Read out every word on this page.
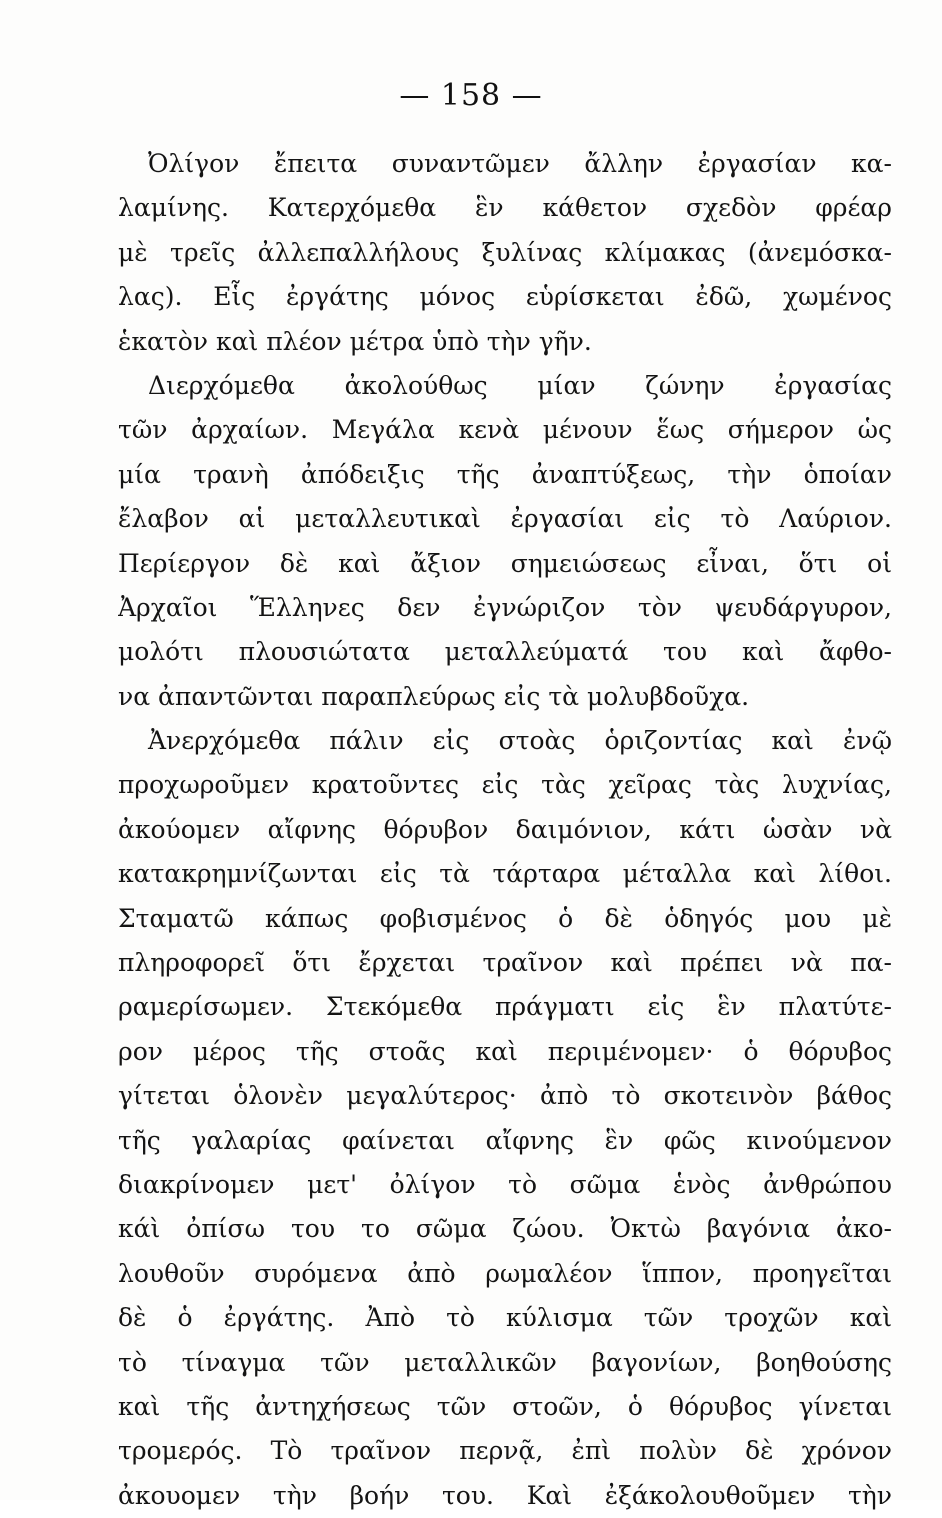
— 158 —
Ὀλίγον ἔπειτα συναντῶμεν ἄλλην ἐργασίαν κα-
λαμίνης. Κατερχόμεθα ἓν κάθετον σχεδὸν φρέαρ
μὲ τρεῖς ἀλλεπαλλήλους ξυλίνας κλίμακας (ἀνεμόσκα-
λας). Εἷς ἐργάτης μόνος εὑρίσκεται ἐδῶ, χωμένος
ἑκατὸν καὶ πλέον μέτρα ὑπὸ τὴν γῆν.
Διερχόμεθα ἀκολούθως μίαν ζώνην ἐργασίας
τῶν ἀρχαίων. Μεγάλα κενὰ μένουν ἕως σήμερον ὡς
μία τρανὴ ἀπόδειξις τῆς ἀναπτύξεως, τὴν ὁποίαν
ἔλαβον αἱ μεταλλευτικαὶ ἐργασίαι εἰς τὸ Λαύριον.
Περίεργον δὲ καὶ ἄξιον σημειώσεως εἶναι, ὅτι οἱ
Ἀρχαῖοι Ἕλληνες δεν ἐγνώριζον τὸν ψευδάργυρον,
μολότι πλουσιώτατα μεταλλεύματά του καὶ ἄφθο-
να ἀπαντῶνται παραπλεύρως εἰς τὰ μολυβδοῦχα.
Ἀνερχόμεθα πάλιν εἰς στοὰς ὁριζοντίας καὶ ἐνῷ
προχωροῦμεν κρατοῦντες εἰς τὰς χεῖρας τὰς λυχνίας,
ἀκούομεν αἴφνης θόρυβον δαιμόνιον, κάτι ὡσὰν νὰ
κατακρημνίζωνται εἰς τὰ τάρταρα μέταλλα καὶ λίθοι.
Σταματῶ κάπως φοβισμένος ὁ δὲ ὁδηγός μου μὲ
πληροφορεῖ ὅτι ἔρχεται τραῖνον καὶ πρέπει νὰ πα-
ραμερίσωμεν. Στεκόμεθα πράγματι εἰς ἓν πλατύτε-
ρον μέρος τῆς στοᾶς καὶ περιμένομεν· ὁ θόρυβος
γίτεται ὁλονὲν μεγαλύτερος· ἀπὸ τὸ σκοτεινὸν βάθος
τῆς γαλαρίας φαίνεται αἴφνης ἓν φῶς κινούμενον
διακρίνομεν μετ' ὀλίγον τὸ σῶμα ἑνὸς ἀνθρώπου
κάὶ ὀπίσω του το σῶμα ζώου. Ὀκτὼ βαγόνια ἀκο-
λουθοῦν συρόμενα ἀπὸ ρωμαλέον ἵππον, προηγεῖται
δὲ ὁ ἐργάτης. Ἀπὸ τὸ κύλισμα τῶν τροχῶν καὶ
τὸ τίναγμα τῶν μεταλλικῶν βαγονίων, βοηθούσης
καὶ τῆς ἀντηχήσεως τῶν στοῶν, ὁ θόρυβος γίνεται
τρομερός. Τὸ τραῖνον περνᾷ, ἐπὶ πολὺν δὲ χρόνον
ἀκουομεν τὴν βοήν του. Καὶ ἐξάκολουθοῦμεν τὴν
